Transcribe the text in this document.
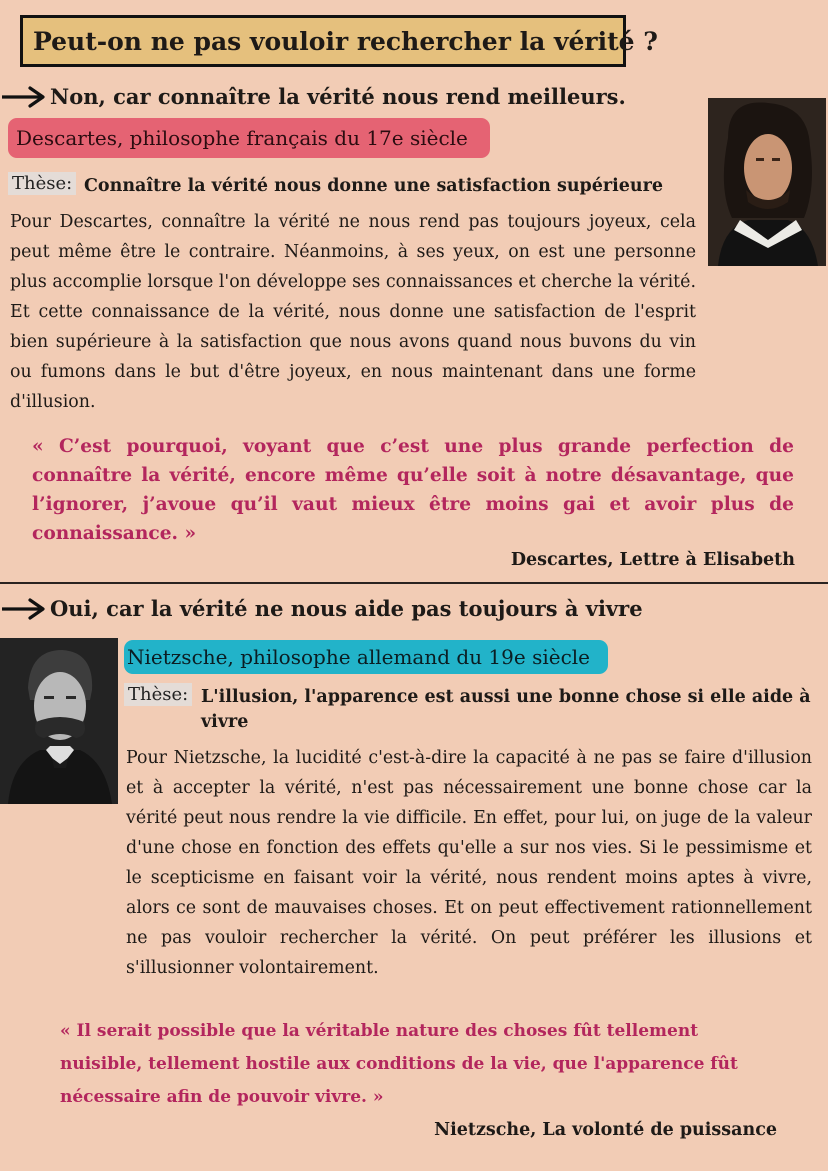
Peut-on ne pas vouloir rechercher la vérité ?
Non, car connaître la vérité nous rend meilleurs.
Descartes, philosophe français du 17e siècle
Thèse: Connaître la vérité nous donne une satisfaction supérieure
Pour Descartes, connaître la vérité ne nous rend pas toujours joyeux, cela peut même être le contraire. Néanmoins, à ses yeux, on est une personne plus accomplie lorsque l'on développe ses connaissances et cherche la vérité. Et cette connaissance de la vérité, nous donne une satisfaction de l'esprit bien supérieure à la satisfaction que nous avons quand nous buvons du vin ou fumons dans le but d'être joyeux, en nous maintenant dans une forme d'illusion.
« C’est pourquoi, voyant que c’est une plus grande perfection de connaître la vérité, encore même qu’elle soit à notre désavantage, que l’ignorer, j’avoue qu’il vaut mieux être moins gai et avoir plus de connaissance. »
Descartes, Lettre à Elisabeth
Oui, car la vérité ne nous aide pas toujours à vivre
Nietzsche, philosophe allemand du 19e siècle
Thèse: L'illusion, l'apparence est aussi une bonne chose si elle aide à vivre
Pour Nietzsche, la lucidité c'est-à-dire la capacité à ne pas se faire d'illusion et à accepter la vérité, n'est pas nécessairement une bonne chose car la vérité peut nous rendre la vie difficile. En effet, pour lui, on juge de la valeur d'une chose en fonction des effets qu'elle a sur nos vies. Si le pessimisme et le scepticisme en faisant voir la vérité, nous rendent moins aptes à vivre, alors ce sont de mauvaises choses. Et on peut effectivement rationnellement ne pas vouloir rechercher la vérité. On peut préférer les illusions et s'illusionner volontairement.
« Il serait possible que la véritable nature des choses fût tellement nuisible, tellement hostile aux conditions de la vie, que l'apparence fût nécessaire afin de pouvoir vivre. »
Nietzsche, La volonté de puissance
